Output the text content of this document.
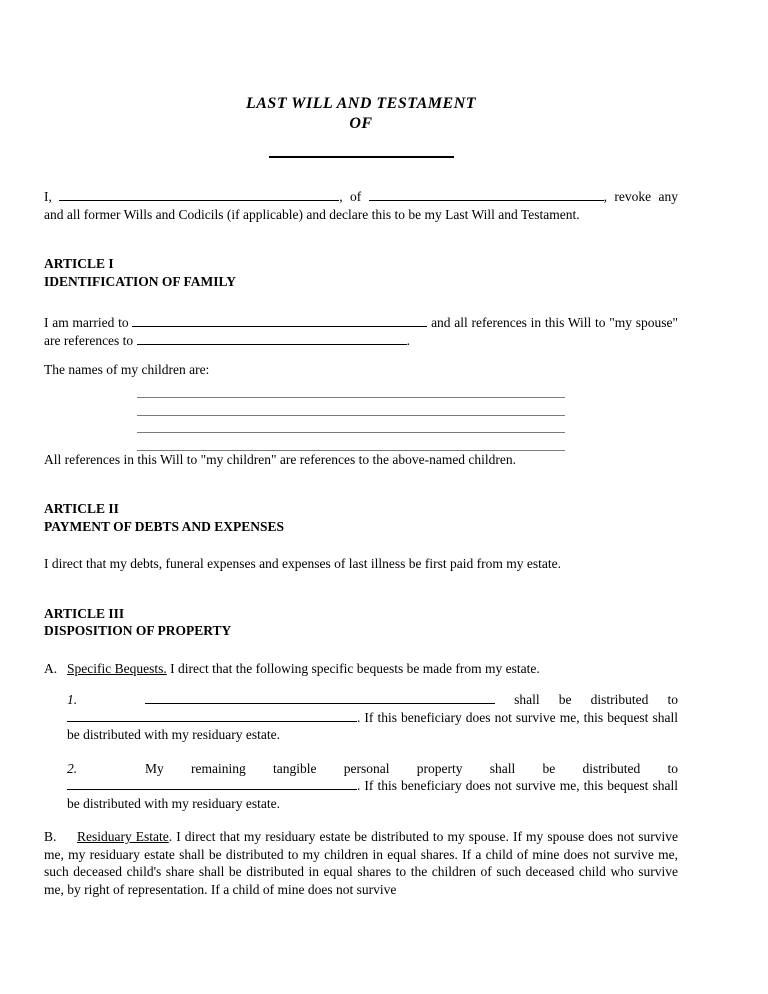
LAST WILL AND TESTAMENT
OF

I,	, of	, revoke any and all former Wills and Codicils (if applicable) and declare this to be my Last Will and Testament.

ARTICLE I
IDENTIFICATION OF FAMILY

I am married to	and all references in this Will to "my spouse" are references to	.

The names of my children are:

All references in this Will to "my children" are references to the above-named children.

ARTICLE II
PAYMENT OF DEBTS AND EXPENSES

I direct that my debts, funeral expenses and expenses of last illness be first paid from my estate.

ARTICLE III
DISPOSITION OF PROPERTY

A. Specific Bequests. I direct that the following specific bequests be made from my estate.

1.	shall be distributed to . If this beneficiary does not survive me, this bequest shall be distributed with my residuary estate.

2.	My remaining tangible personal property shall be distributed to . If this beneficiary does not survive me, this bequest shall be distributed with my residuary estate.

B. Residuary Estate. I direct that my residuary estate be distributed to my spouse. If my spouse does not survive me, my residuary estate shall be distributed to my children in equal shares. If a child of mine does not survive me, such deceased child's share shall be distributed in equal shares to the children of such deceased child who survive me, by right of representation. If a child of mine does not survive
